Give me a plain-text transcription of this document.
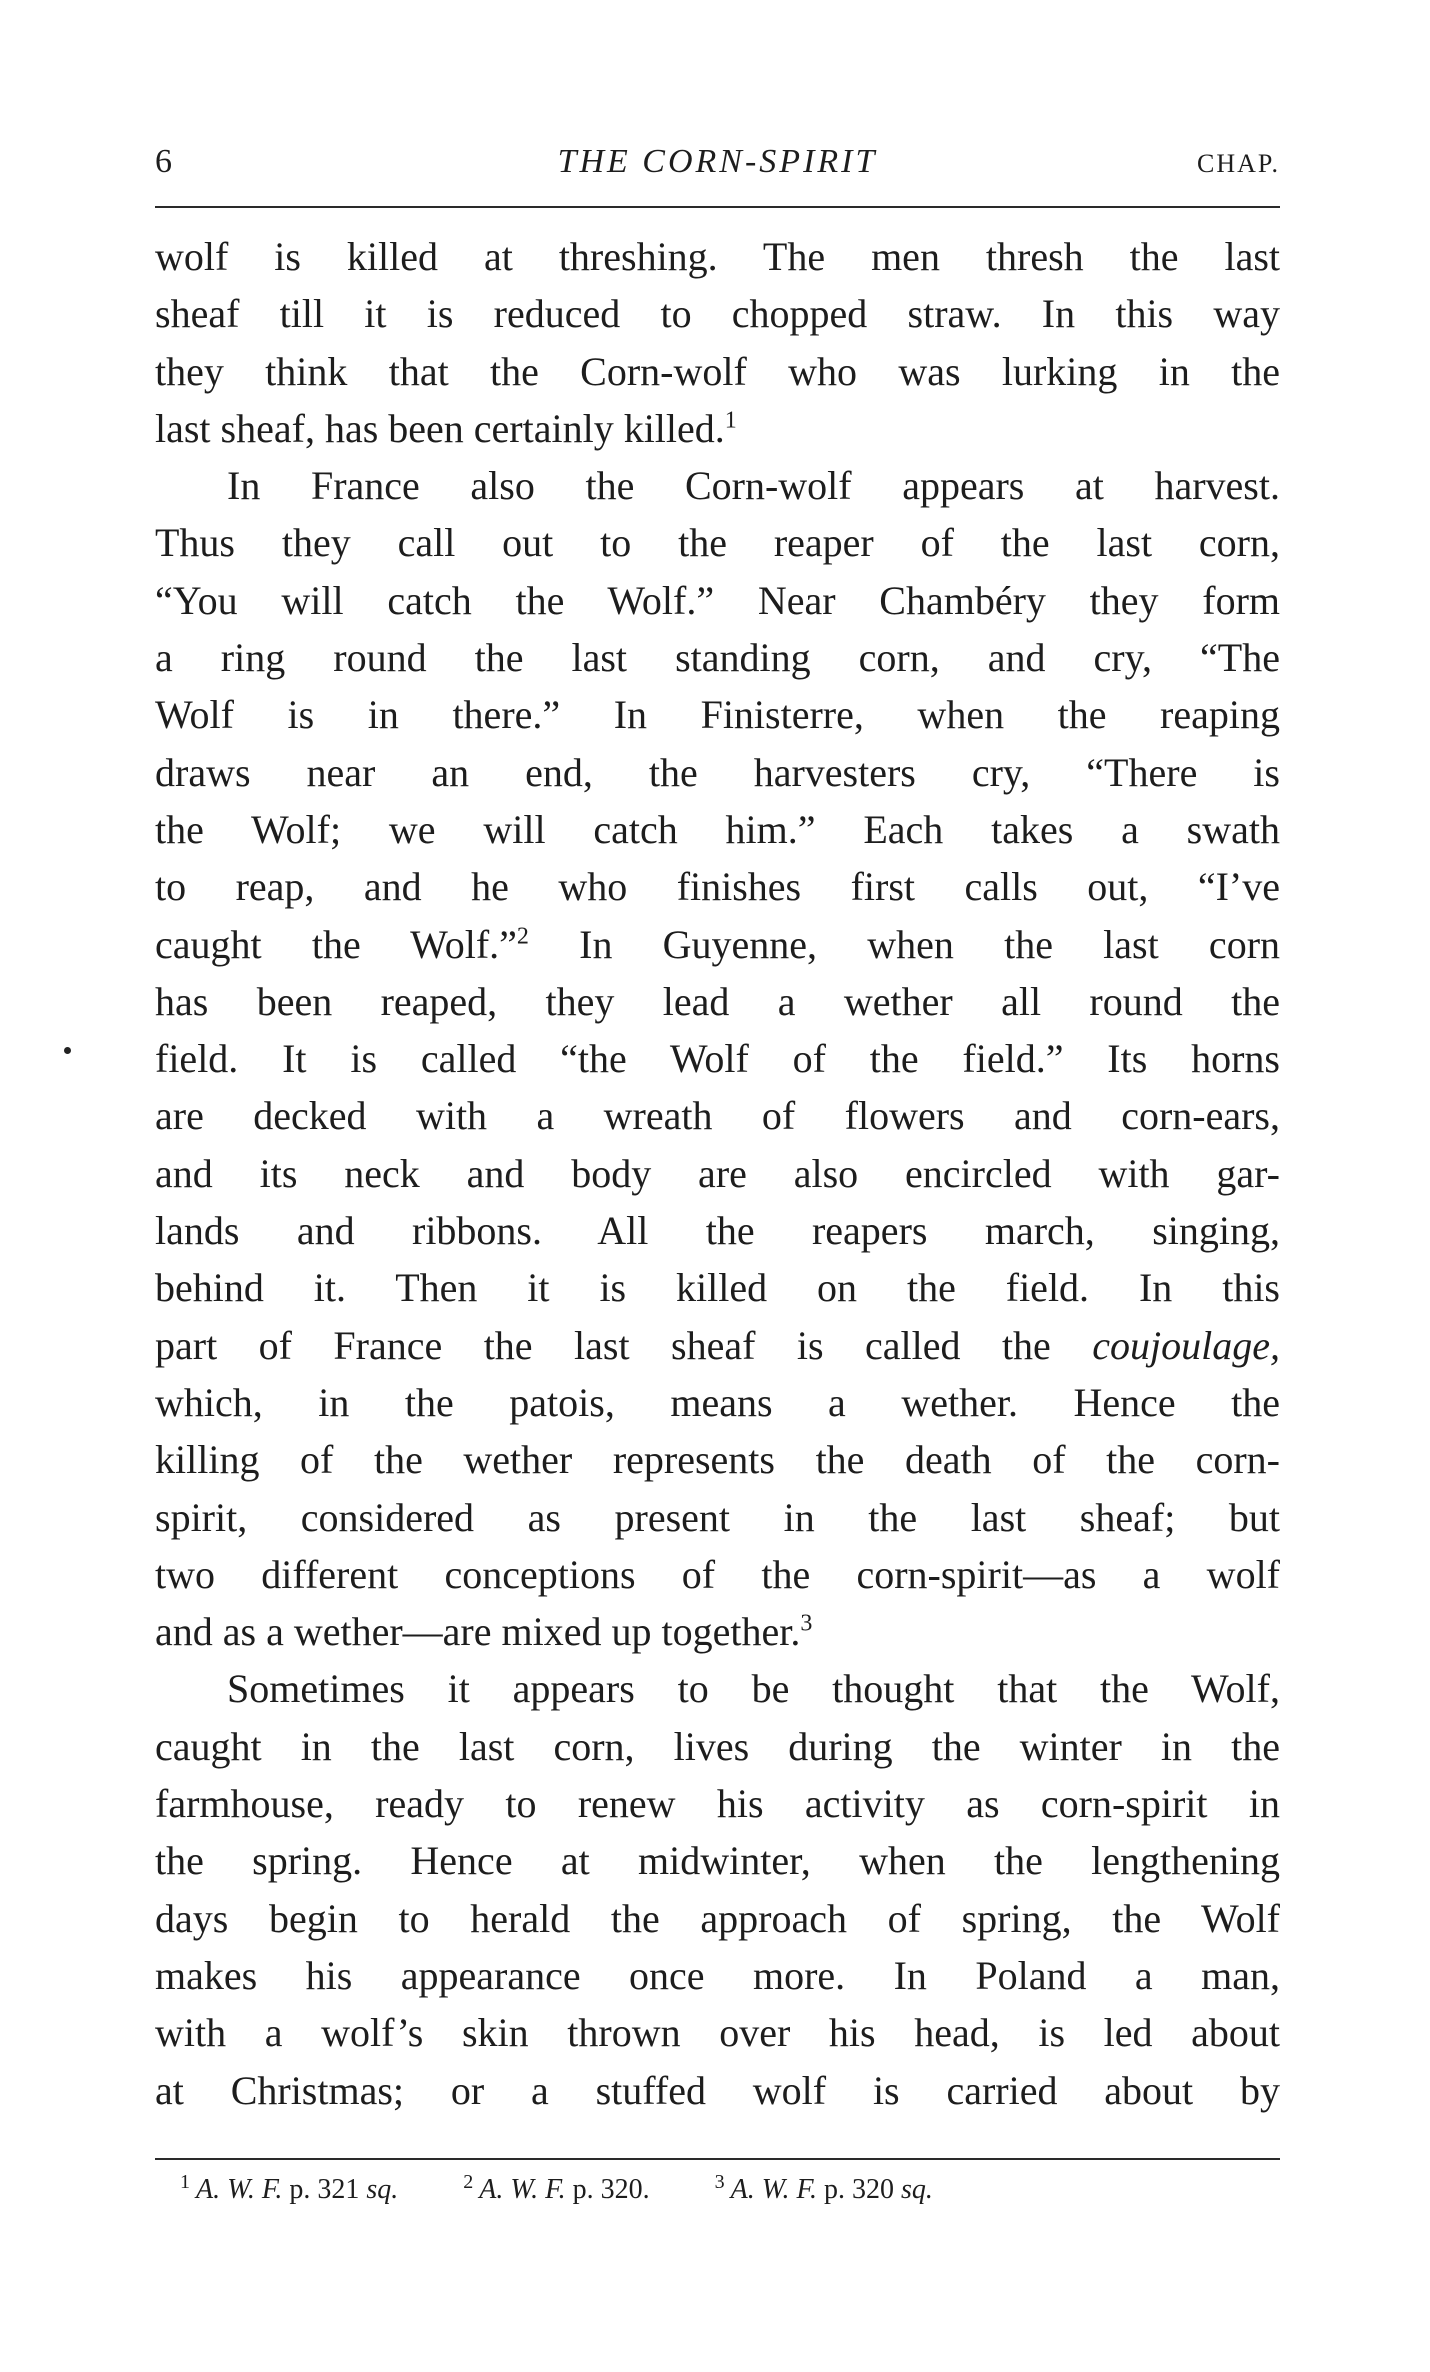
6	THE CORN-SPIRIT	CHAP.
wolf is killed at threshing. The men thresh the last
sheaf till it is reduced to chopped straw. In this way
they think that the Corn-wolf who was lurking in the
last sheaf, has been certainly killed.$^1$
In France also the Corn-wolf appears at harvest.
Thus they call out to the reaper of the last corn,
“You will catch the Wolf.” Near Chambéry they form
a ring round the last standing corn, and cry, “The
Wolf is in there.” In Finisterre, when the reaping
draws near an end, the harvesters cry, “There is
the Wolf; we will catch him.” Each takes a swath
to reap, and he who finishes first calls out, “I’ve
caught the Wolf.”$^2$ In Guyenne, when the last corn
has been reaped, they lead a wether all round the
field. It is called “the Wolf of the field.” Its horns
are decked with a wreath of flowers and corn-ears,
and its neck and body are also encircled with gar-
lands and ribbons. All the reapers march, singing,
behind it. Then it is killed on the field. In this
part of France the last sheaf is called the coujoulage,
which, in the patois, means a wether. Hence the
killing of the wether represents the death of the corn-
spirit, considered as present in the last sheaf; but
two different conceptions of the corn-spirit—as a wolf
and as a wether—are mixed up together.$^3$
Sometimes it appears to be thought that the Wolf,
caught in the last corn, lives during the winter in the
farmhouse, ready to renew his activity as corn-spirit in
the spring. Hence at midwinter, when the lengthening
days begin to herald the approach of spring, the Wolf
makes his appearance once more. In Poland a man,
with a wolf’s skin thrown over his head, is led about
at Christmas; or a stuffed wolf is carried about by
$^1$ A. W. F. p. 321 sq.	$^2$ A. W. F. p. 320.	$^3$ A. W. F. p. 320 sq.
